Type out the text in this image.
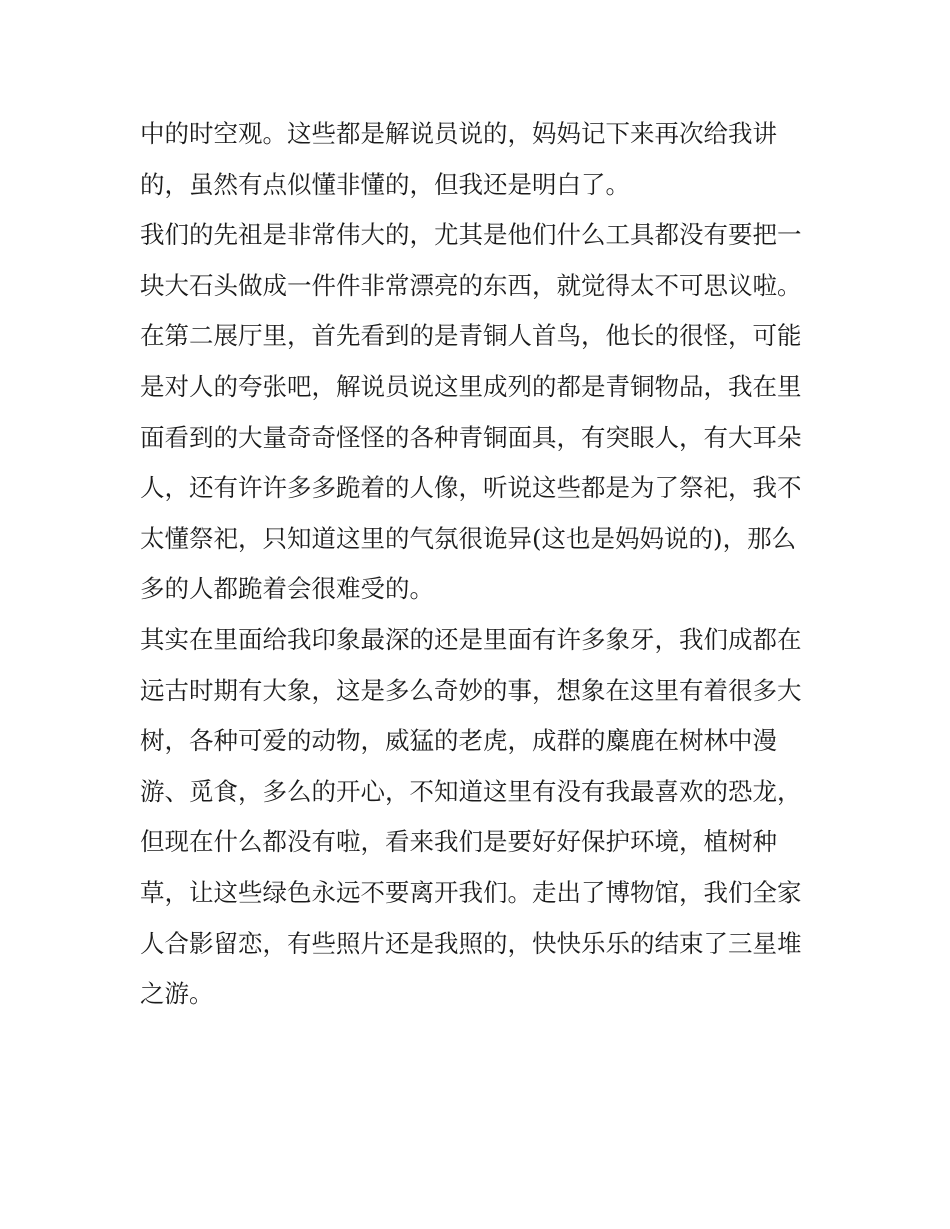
中的时空观。这些都是解说员说的，妈妈记下来再次给我讲
的，虽然有点似懂非懂的，但我还是明白了。
我们的先祖是非常伟大的，尤其是他们什么工具都没有要把一
块大石头做成一件件非常漂亮的东西，就觉得太不可思议啦。
在第二展厅里，首先看到的是青铜人首鸟，他长的很怪，可能
是对人的夸张吧，解说员说这里成列的都是青铜物品，我在里
面看到的大量奇奇怪怪的各种青铜面具，有突眼人，有大耳朵
人，还有许许多多跪着的人像，听说这些都是为了祭祀，我不
太懂祭祀，只知道这里的气氛很诡异(这也是妈妈说的)，那么
多的人都跪着会很难受的。
其实在里面给我印象最深的还是里面有许多象牙，我们成都在
远古时期有大象，这是多么奇妙的事，想象在这里有着很多大
树，各种可爱的动物，威猛的老虎，成群的麋鹿在树林中漫
游、觅食，多么的开心，不知道这里有没有我最喜欢的恐龙，
但现在什么都没有啦，看来我们是要好好保护环境，植树种
草，让这些绿色永远不要离开我们。走出了博物馆，我们全家
人合影留恋，有些照片还是我照的，快快乐乐的结束了三星堆
之游。
